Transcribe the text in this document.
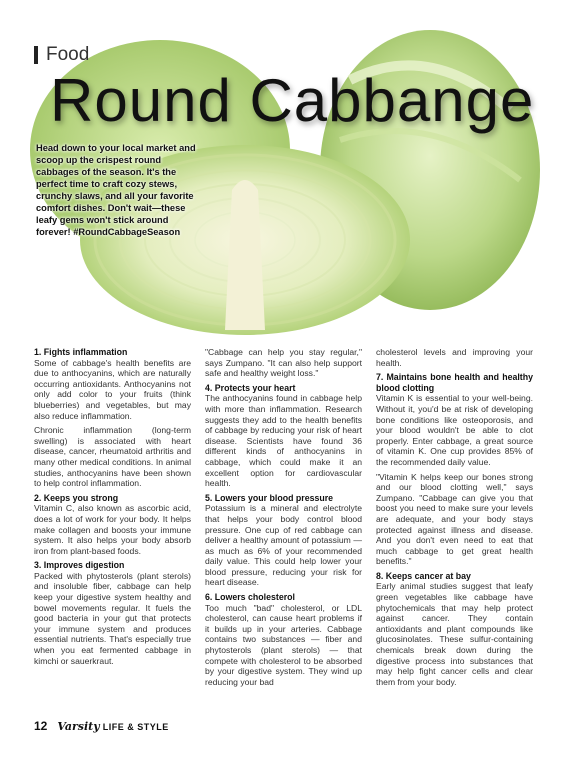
Food
Round Cabbange
Head down to your local market and scoop up the crispest round cabbages of the season. It's the perfect time to craft cozy stews, crunchy slaws, and all your favorite comfort dishes. Don't wait—these leafy gems won't stick around forever! #RoundCabbageSeason
1. Fights inflammation

Some of cabbage's health benefits are due to anthocyanins, which are naturally occurring antioxidants. Anthocyanins not only add color to your fruits (think blueberries) and vegetables, but may also reduce inflammation.

Chronic inflammation (long-term swelling) is associated with heart disease, cancer, rheumatoid arthritis and many other medical conditions. In animal studies, anthocyanins have been shown to help control inflammation.

2. Keeps you strong

Vitamin C, also known as ascorbic acid, does a lot of work for your body. It helps make collagen and boosts your immune system. It also helps your body absorb iron from plant-based foods.

3. Improves digestion

Packed with phytosterols (plant sterols) and insoluble fiber, cabbage can help keep your digestive system healthy and bowel movements regular. It fuels the good bacteria in your gut that protects your immune system and produces essential nutrients. That's especially true when you eat fermented cabbage in kimchi or sauerkraut.

"Cabbage can help you stay regular," says Zumpano. "It can also help support safe and healthy weight loss."

4. Protects your heart

The anthocyanins found in cabbage help with more than inflammation. Research suggests they add to the health benefits of cabbage by reducing your risk of heart disease. Scientists have found 36 different kinds of anthocyanins in cabbage, which could make it an excellent option for cardiovascular health.

5. Lowers your blood pressure

Potassium is a mineral and electrolyte that helps your body control blood pressure. One cup of red cabbage can deliver a healthy amount of potassium — as much as 6% of your recommended daily value. This could help lower your blood pressure, reducing your risk for heart disease.

6. Lowers cholesterol

Too much "bad" cholesterol, or LDL cholesterol, can cause heart problems if it builds up in your arteries. Cabbage contains two substances — fiber and phytosterols (plant sterols) — that compete with cholesterol to be absorbed by your digestive system. They wind up reducing your bad

cholesterol levels and improving your health.

7. Maintains bone health and healthy blood clotting

Vitamin K is essential to your well-being. Without it, you'd be at risk of developing bone conditions like osteoporosis, and your blood wouldn't be able to clot properly. Enter cabbage, a great source of vitamin K. One cup provides 85% of the recommended daily value.

"Vitamin K helps keep our bones strong and our blood clotting well," says Zumpano. "Cabbage can give you that boost you need to make sure your levels are adequate, and your body stays protected against illness and disease. And you don't even need to eat that much cabbage to get great health benefits."

8. Keeps cancer at bay

Early animal studies suggest that leafy green vegetables like cabbage have phytochemicals that may help protect against cancer. They contain antioxidants and plant compounds like glucosinolates. These sulfur-containing chemicals break down during the digestive process into substances that may help fight cancer cells and clear them from your body.

12 Varsity LIFE & STYLE
